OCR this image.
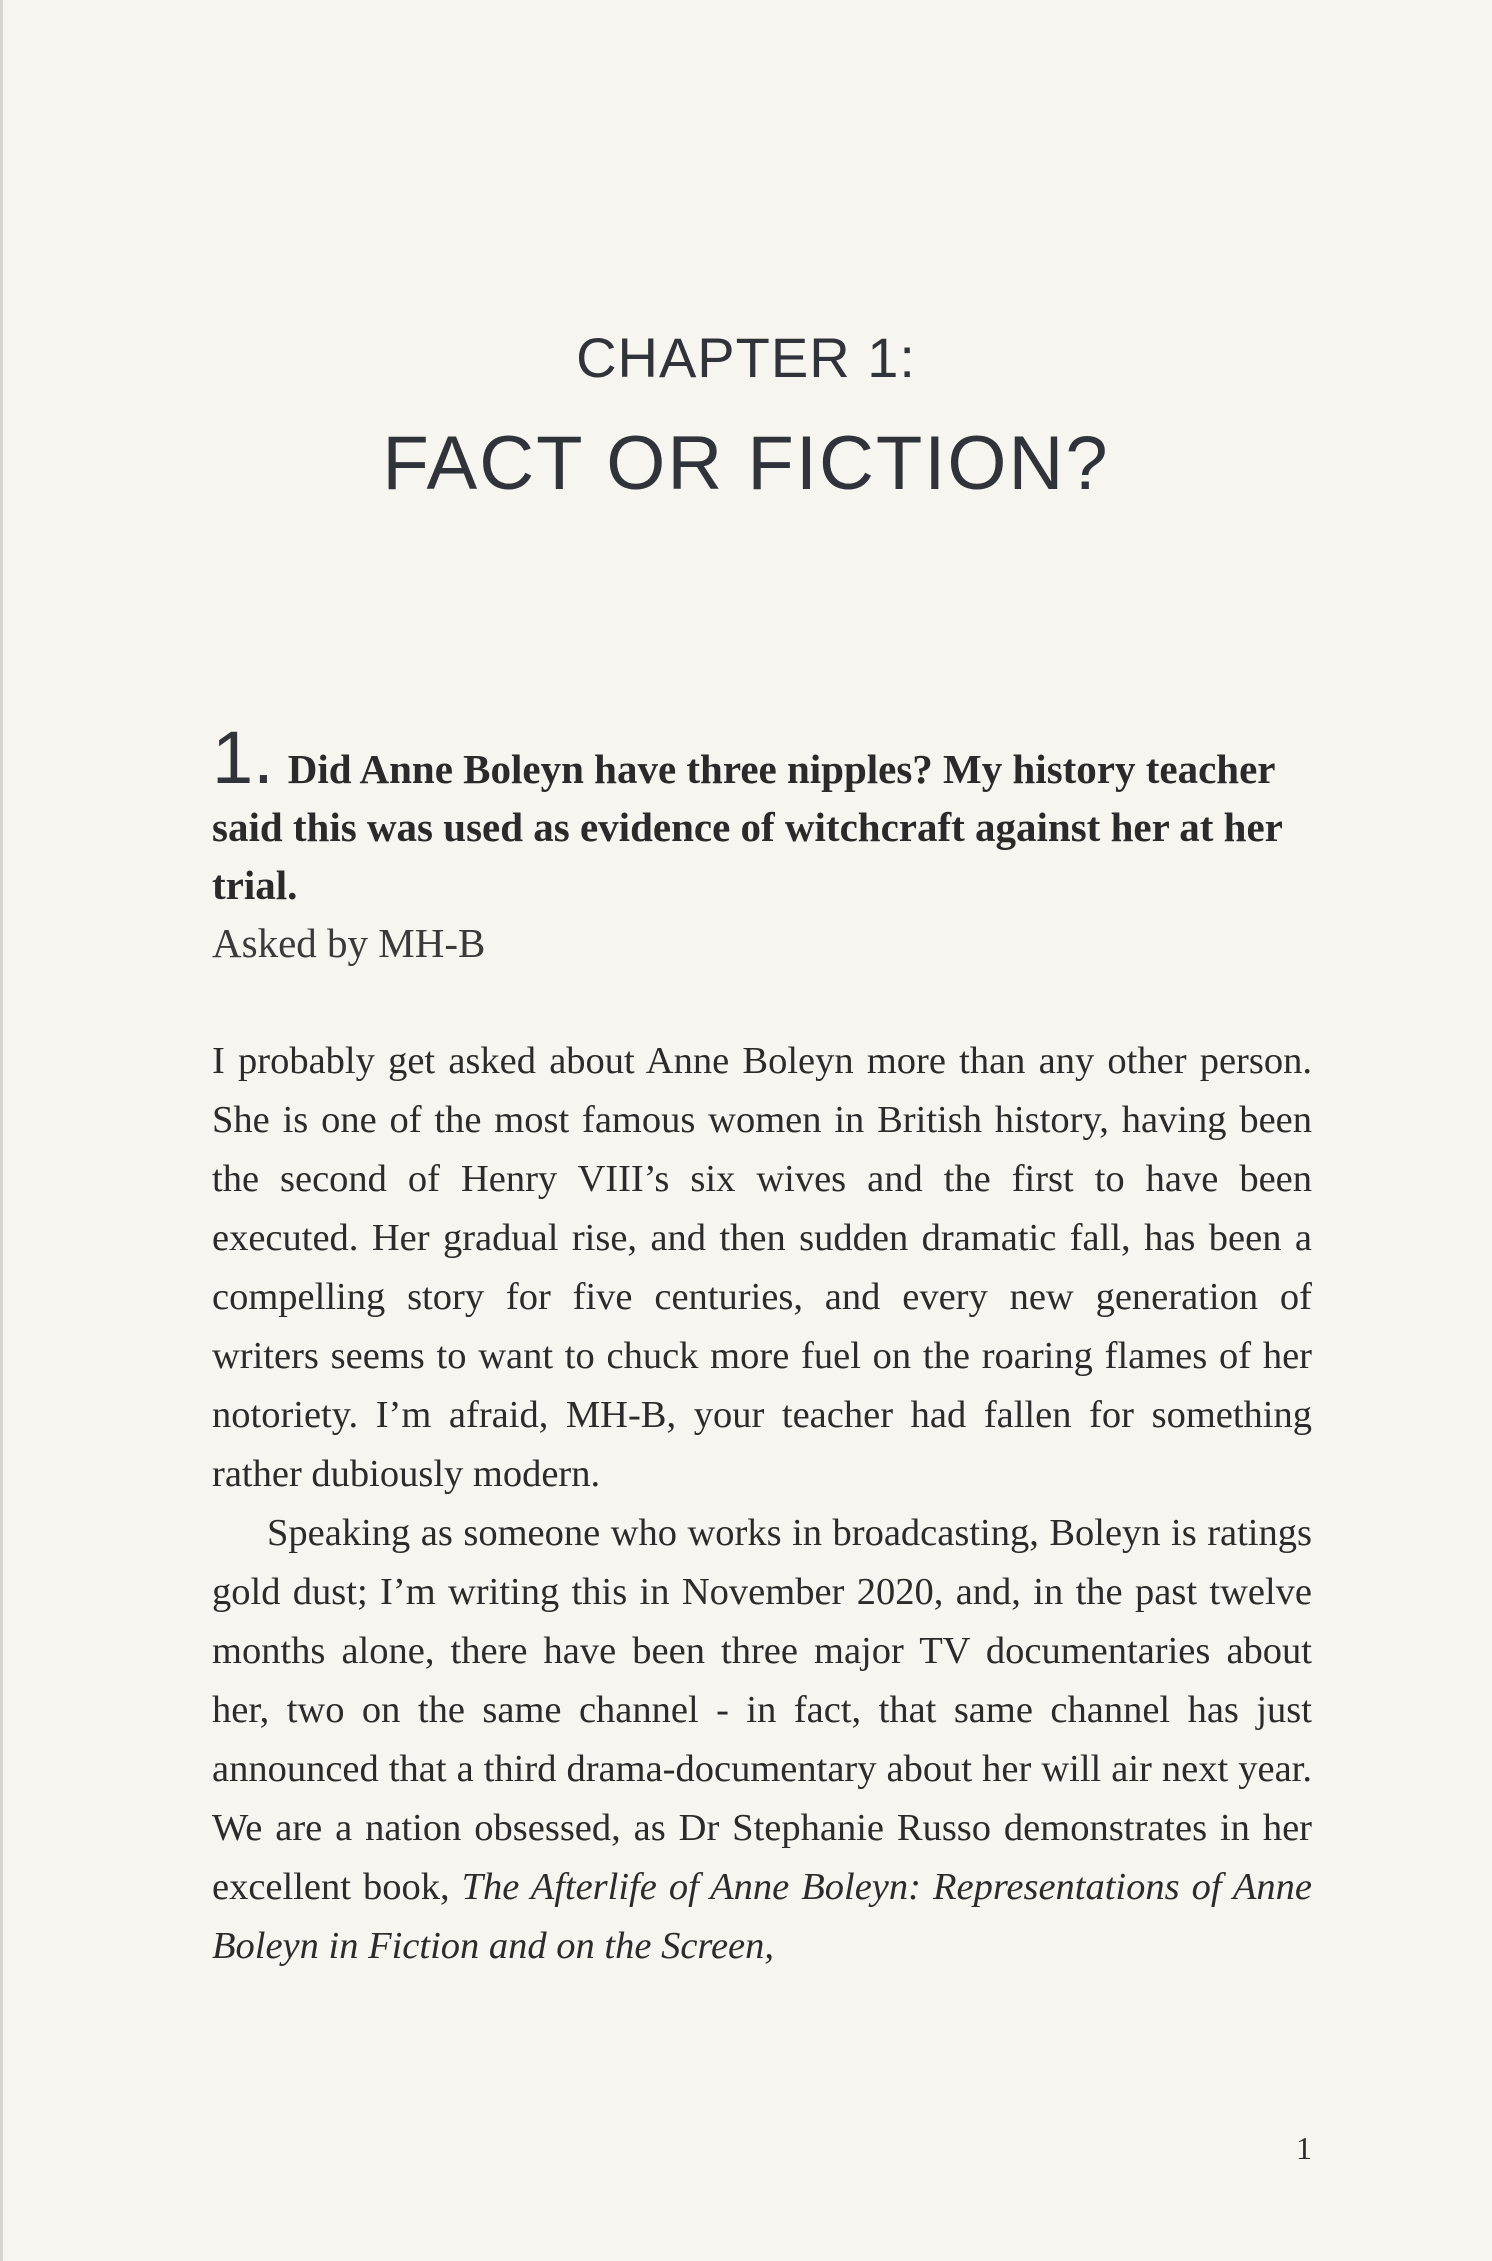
CHAPTER 1:
FACT OR FICTION?

1. Did Anne Boleyn have three nipples? My history teacher said this was used as evidence of witchcraft against her at her trial.

Asked by MH-B

I probably get asked about Anne Boleyn more than any other person. She is one of the most famous women in British history, having been the second of Henry VIII’s six wives and the first to have been executed. Her gradual rise, and then sudden dramatic fall, has been a compelling story for five centuries, and every new generation of writers seems to want to chuck more fuel on the roaring flames of her notoriety. I’m afraid, MH-B, your teacher had fallen for something rather dubiously modern.

Speaking as someone who works in broadcasting, Boleyn is ratings gold dust; I’m writing this in November 2020, and, in the past twelve months alone, there have been three major TV documentaries about her, two on the same channel - in fact, that same channel has just announced that a third drama-documentary about her will air next year. We are a nation obsessed, as Dr Stephanie Russo demonstrates in her excellent book, The Afterlife of Anne Boleyn: Representations of Anne Boleyn in Fiction and on the Screen,

1
